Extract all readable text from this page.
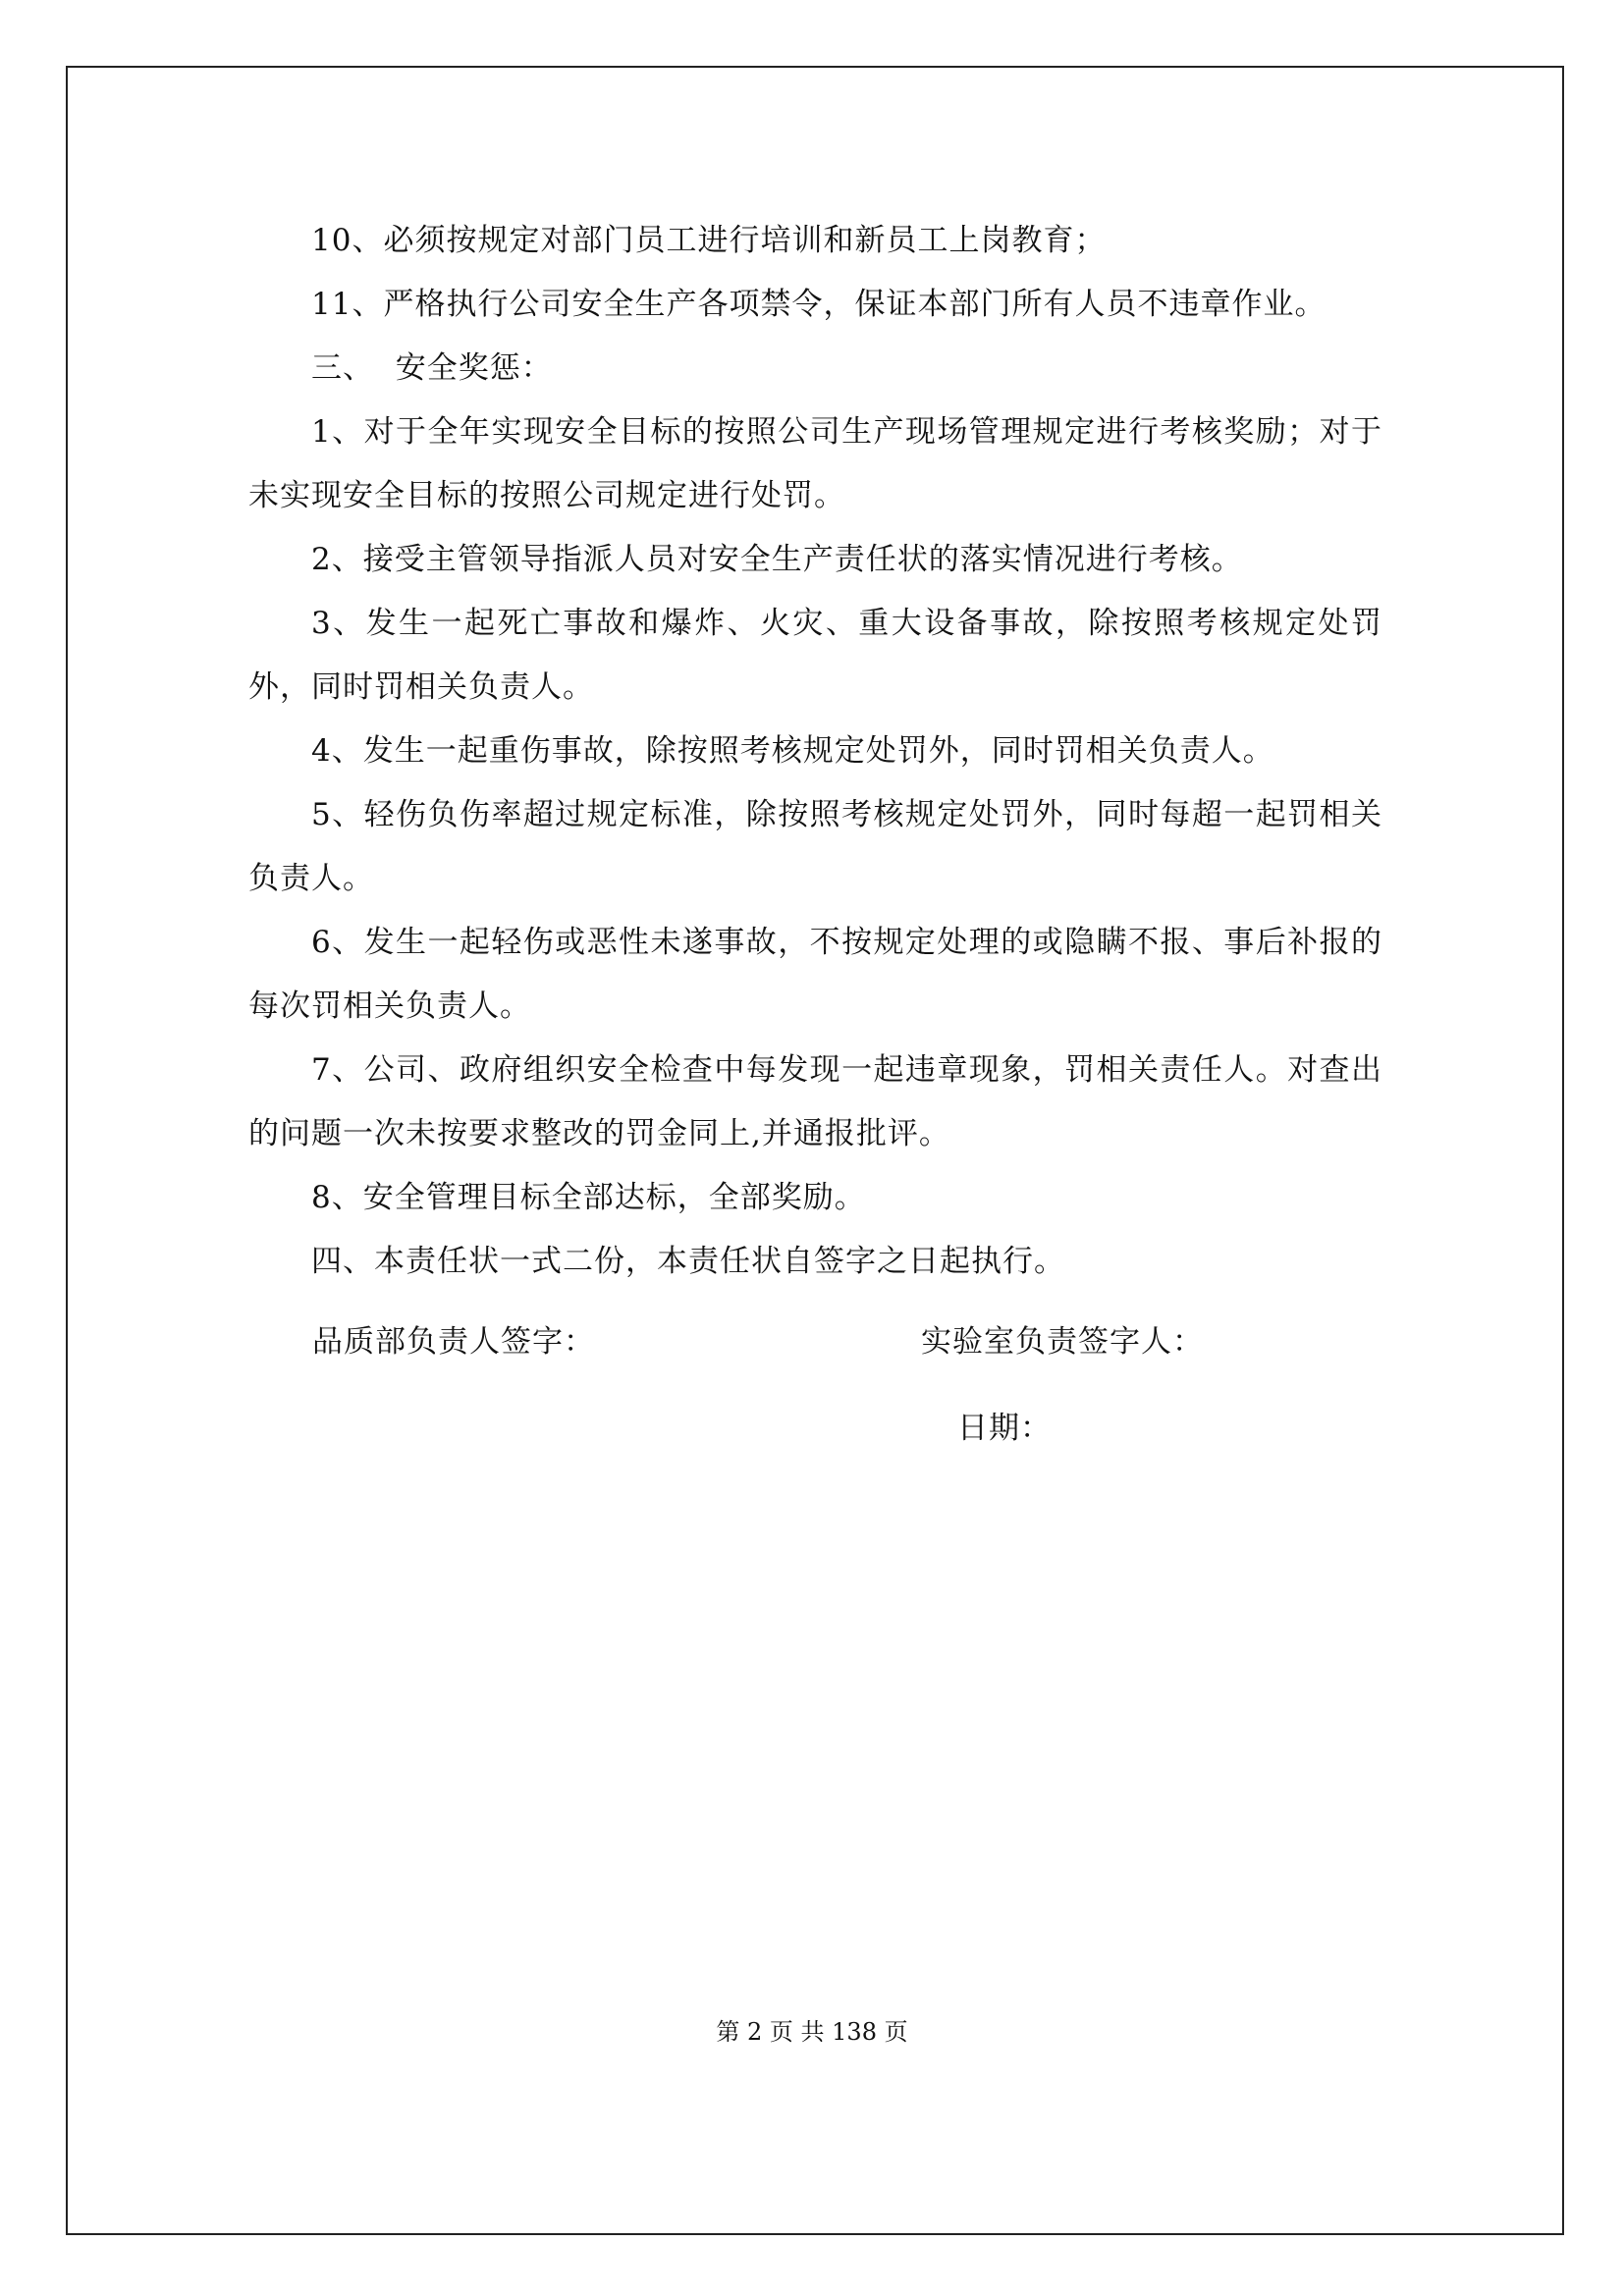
10、必须按规定对部门员工进行培训和新员工上岗教育；

11、严格执行公司安全生产各项禁令，保证本部门所有人员不违章作业。

三、  安全奖惩：

1、对于全年实现安全目标的按照公司生产现场管理规定进行考核奖励；对于未实现安全目标的按照公司规定进行处罚。

2、接受主管领导指派人员对安全生产责任状的落实情况进行考核。

3、发生一起死亡事故和爆炸、火灾、重大设备事故，除按照考核规定处罚外，同时罚相关负责人。

4、发生一起重伤事故，除按照考核规定处罚外，同时罚相关负责人。

5、轻伤负伤率超过规定标准，除按照考核规定处罚外，同时每超一起罚相关负责人。

6、发生一起轻伤或恶性未遂事故，不按规定处理的或隐瞒不报、事后补报的每次罚相关负责人。

7、公司、政府组织安全检查中每发现一起违章现象，罚相关责任人。对查出的问题一次未按要求整改的罚金同上,并通报批评。

8、安全管理目标全部达标，全部奖励。

四、本责任状一式二份，本责任状自签字之日起执行。

品质部负责人签字：	实验室负责签字人：
日期：
第 2 页 共 138 页
